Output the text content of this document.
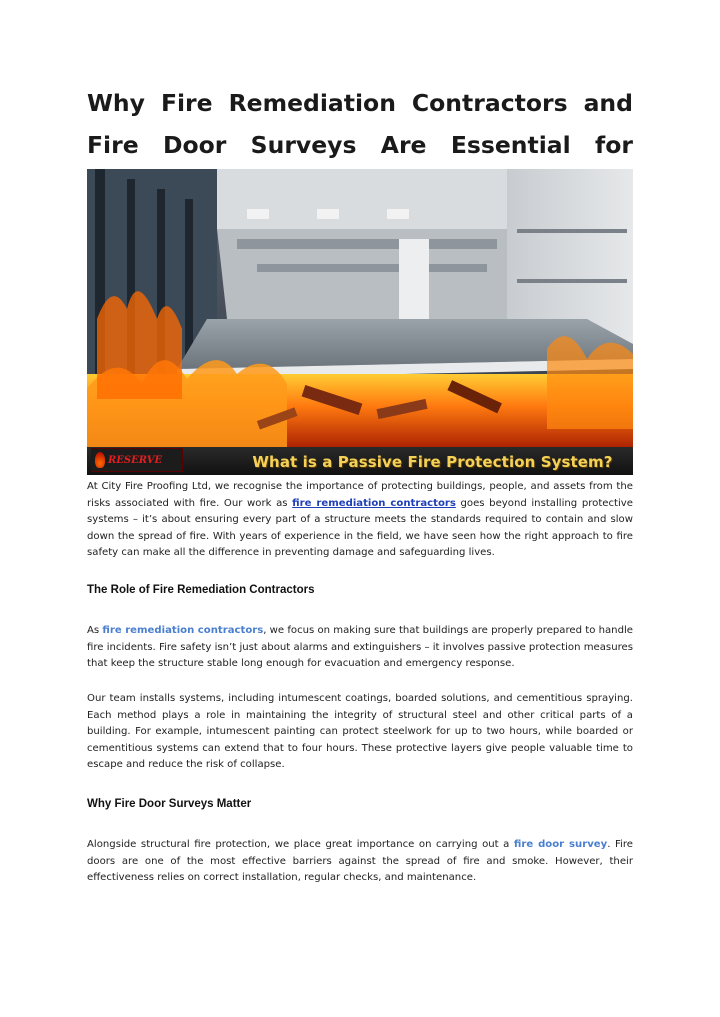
Why Fire Remediation Contractors and Fire Door Surveys Are Essential for
RESERVE	What is a Passive Fire Protection System?

At City Fire Proofing Ltd, we recognise the importance of protecting buildings, people, and assets from the risks associated with fire. Our work as fire remediation contractors goes beyond installing protective systems – it’s about ensuring every part of a structure meets the standards required to contain and slow down the spread of fire. With years of experience in the field, we have seen how the right approach to fire safety can make all the difference in preventing damage and safeguarding lives.

The Role of Fire Remediation Contractors

As fire remediation contractors, we focus on making sure that buildings are properly prepared to handle fire incidents. Fire safety isn’t just about alarms and extinguishers – it involves passive protection measures that keep the structure stable long enough for evacuation and emergency response.

Our team installs systems, including intumescent coatings, boarded solutions, and cementitious spraying. Each method plays a role in maintaining the integrity of structural steel and other critical parts of a building. For example, intumescent painting can protect steelwork for up to two hours, while boarded or cementitious systems can extend that to four hours. These protective layers give people valuable time to escape and reduce the risk of collapse.

Why Fire Door Surveys Matter

Alongside structural fire protection, we place great importance on carrying out a fire door survey. Fire doors are one of the most effective barriers against the spread of fire and smoke. However, their effectiveness relies on correct installation, regular checks, and maintenance.
